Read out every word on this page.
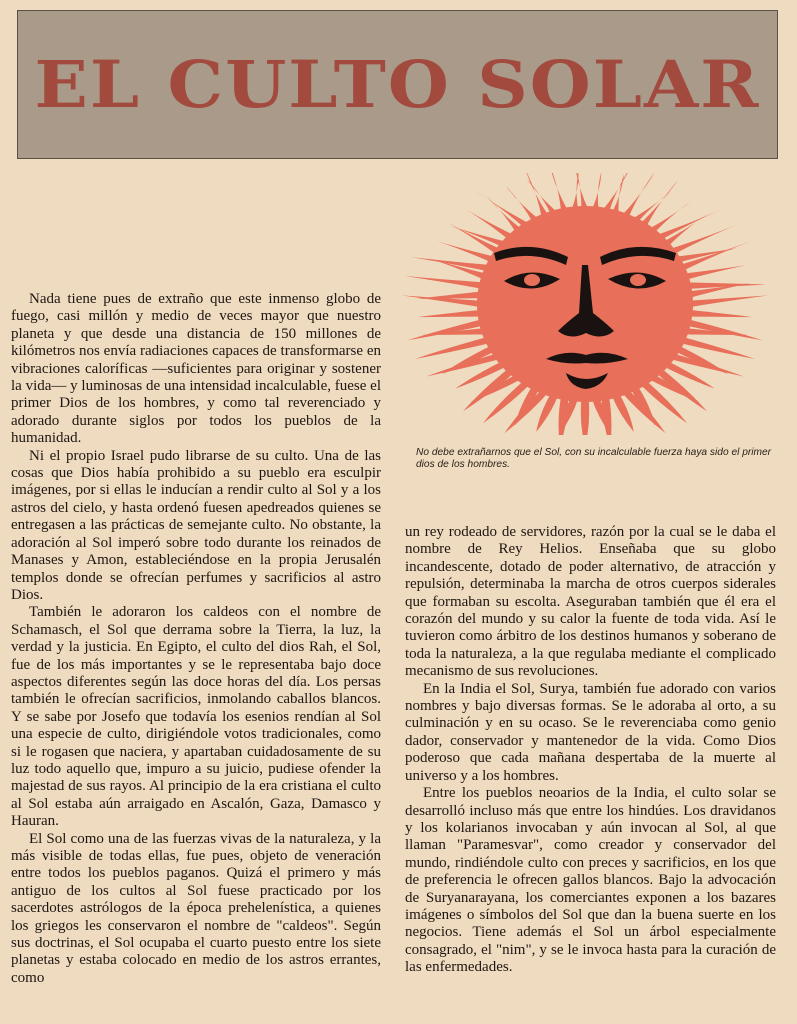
EL CULTO SOLAR
No debe extrañarnos que el Sol, con su incalculable fuerza haya sido el primer dios de los hombres.

Nada tiene pues de extraño que este inmenso globo de fuego, casi millón y medio de veces mayor que nuestro planeta y que desde una distancia de 150 millones de kilómetros nos envía radiaciones capaces de transformarse en vibraciones caloríficas —suficientes para originar y sostener la vida— y luminosas de una intensidad incalculable, fuese el primer Dios de los hombres, y como tal reverenciado y adorado durante siglos por todos los pueblos de la humanidad.

Ni el propio Israel pudo librarse de su culto. Una de las cosas que Dios había prohibido a su pueblo era esculpir imágenes, por si ellas le inducían a rendir culto al Sol y a los astros del cielo, y hasta ordenó fuesen apedreados quienes se entregasen a las prácticas de semejante culto. No obstante, la adoración al Sol imperó sobre todo durante los reinados de Manases y Amon, estableciéndose en la propia Jerusalén templos donde se ofrecían perfumes y sacrificios al astro Dios.

También le adoraron los caldeos con el nombre de Schamasch, el Sol que derrama sobre la Tierra, la luz, la verdad y la justicia. En Egipto, el culto del dios Rah, el Sol, fue de los más importantes y se le representaba bajo doce aspectos diferentes según las doce horas del día. Los persas también le ofrecían sacrificios, inmolando caballos blancos. Y se sabe por Josefo que todavía los esenios rendían al Sol una especie de culto, dirigiéndole votos tradicionales, como si le rogasen que naciera, y apartaban cuidadosamente de su luz todo aquello que, impuro a su juicio, pudiese ofender la majestad de sus rayos. Al principio de la era cristiana el culto al Sol estaba aún arraigado en Ascalón, Gaza, Damasco y Hauran.

El Sol como una de las fuerzas vivas de la naturaleza, y la más visible de todas ellas, fue pues, objeto de veneración entre todos los pueblos paganos. Quizá el primero y más antiguo de los cultos al Sol fuese practicado por los sacerdotes astrólogos de la época prehelenística, a quienes los griegos les conservaron el nombre de "caldeos". Según sus doctrinas, el Sol ocupaba el cuarto puesto entre los siete planetas y estaba colocado en medio de los astros errantes, como

un rey rodeado de servidores, razón por la cual se le daba el nombre de Rey Helios. Enseñaba que su globo incandescente, dotado de poder alternativo, de atracción y repulsión, determinaba la marcha de otros cuerpos siderales que formaban su escolta. Aseguraban también que él era el corazón del mundo y su calor la fuente de toda vida. Así le tuvieron como árbitro de los destinos humanos y soberano de toda la naturaleza, a la que regulaba mediante el complicado mecanismo de sus revoluciones.

En la India el Sol, Surya, también fue adorado con varios nombres y bajo diversas formas. Se le adoraba al orto, a su culminación y en su ocaso. Se le reverenciaba como genio dador, conservador y mantenedor de la vida. Como Dios poderoso que cada mañana despertaba de la muerte al universo y a los hombres.

Entre los pueblos neoarios de la India, el culto solar se desarrolló incluso más que entre los hindúes. Los dravidanos y los kolarianos invocaban y aún invocan al Sol, al que llaman "Paramesvar", como creador y conservador del mundo, rindiéndole culto con preces y sacrificios, en los que de preferencia le ofrecen gallos blancos. Bajo la advocación de Suryanarayana, los comerciantes exponen a los bazares imágenes o símbolos del Sol que dan la buena suerte en los negocios. Tiene además el Sol un árbol especialmente consagrado, el "nim", y se le invoca hasta para la curación de las enfermedades.
